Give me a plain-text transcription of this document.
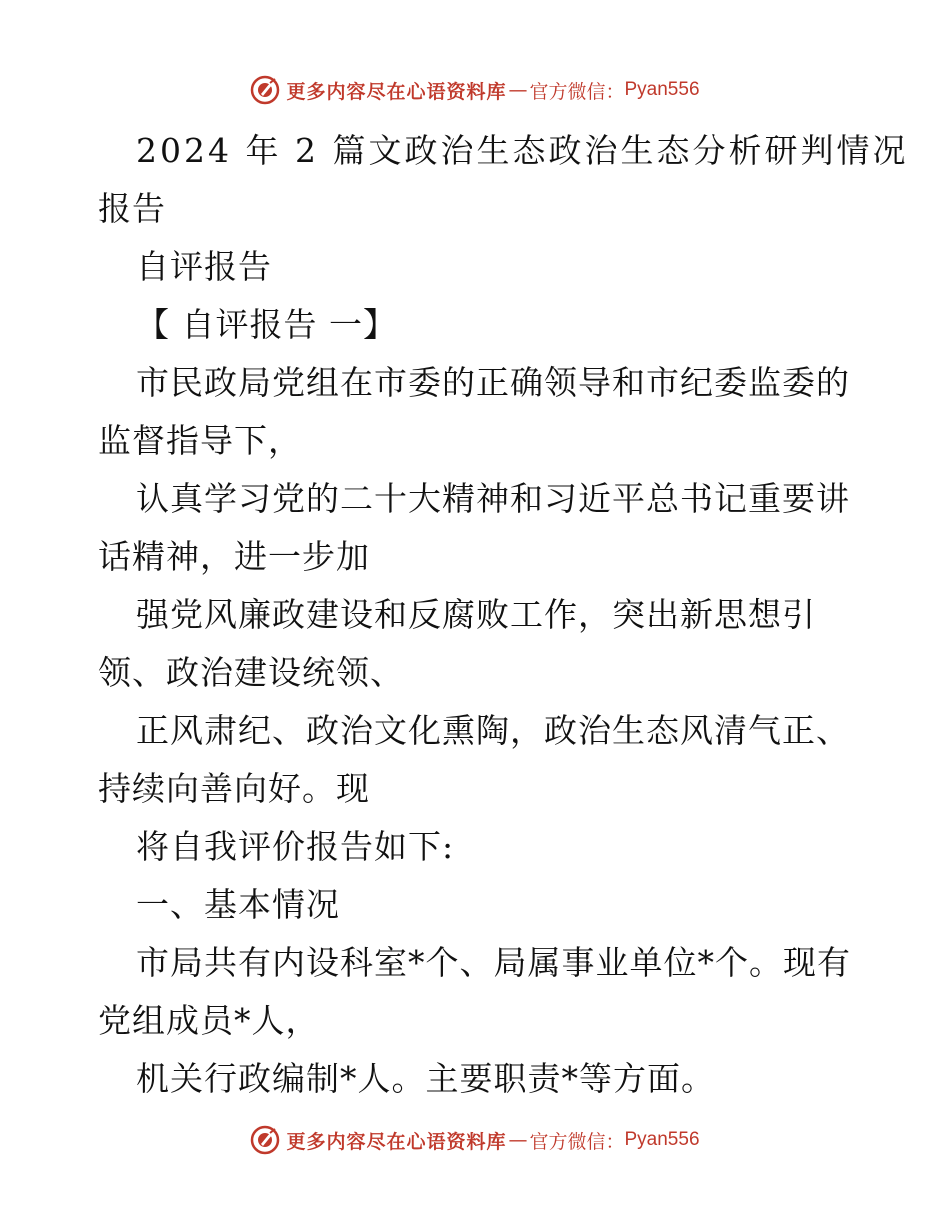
更多内容尽在心语资料库 — 官方微信： Pyan556
2024 年 2 篇文政治生态政治生态分析研判情况
报告
自评报告
【 自评报告 一】
市民政局党组在市委的正确领导和市纪委监委的
监督指导下，
认真学习党的二十大精神和习近平总书记重要讲
话精神，进一步加
强党风廉政建设和反腐败工作，突出新思想引
领、政治建设统领、
正风肃纪、政治文化熏陶，政治生态风清气正、
持续向善向好。现
将自我评价报告如下:
一、基本情况
市局共有内设科室*个、局属事业单位*个。现有
党组成员*人，
机关行政编制*人。主要职责*等方面。
更多内容尽在心语资料库 — 官方微信： Pyan556
